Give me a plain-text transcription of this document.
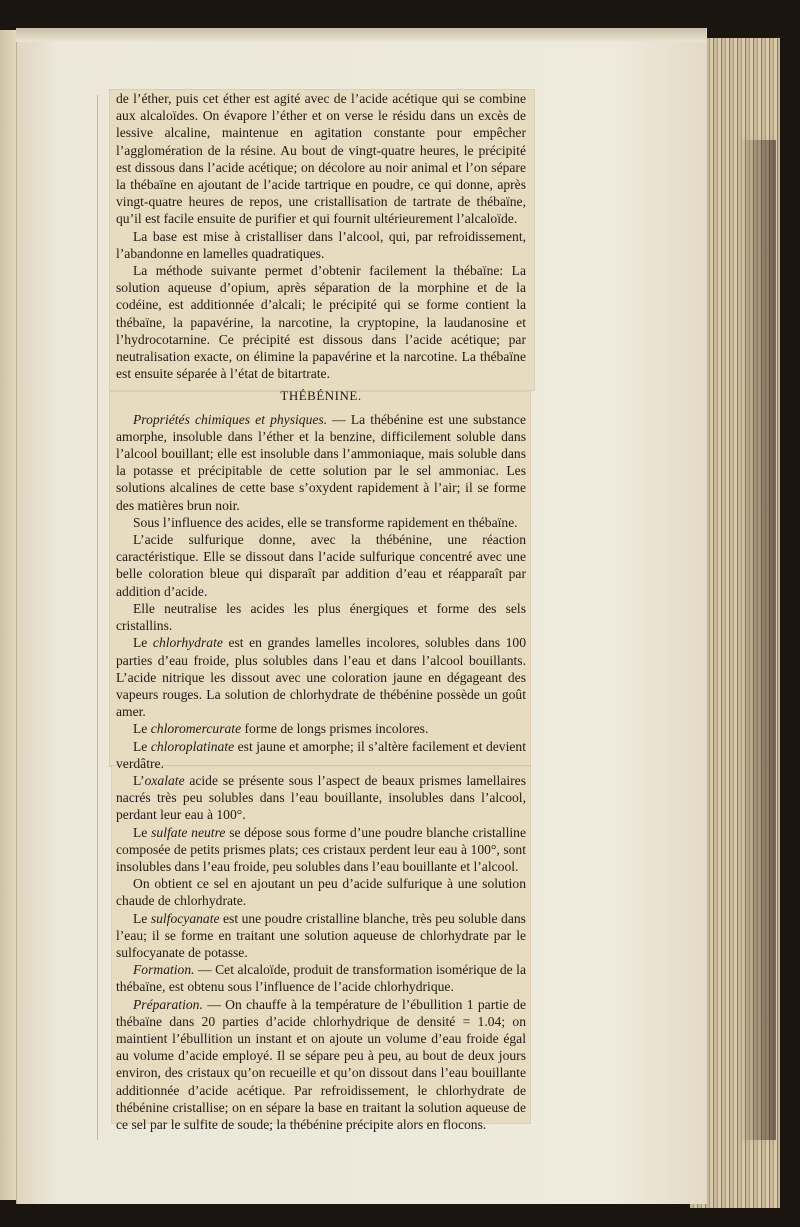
de l’éther, puis cet éther est agité avec de l’acide acétique qui se combine aux alcaloïdes. On évapore l’éther et on verse le résidu dans un excès de lessive alcaline, maintenue en agitation constante pour empêcher l’agglomération de la résine. Au bout de vingt-quatre heures, le précipité est dissous dans l’acide acétique; on décolore au noir animal et l’on sépare la thébaïne en ajoutant de l’acide tartrique en poudre, ce qui donne, après vingt-quatre heures de repos, une cristallisation de tartrate de thébaïne, qu’il est facile ensuite de purifier et qui fournit ultérieurement l’alcaloïde.

La base est mise à cristalliser dans l’alcool, qui, par refroidissement, l’abandonne en lamelles quadratiques.

La méthode suivante permet d’obtenir facilement la thébaïne: La solution aqueuse d’opium, après séparation de la morphine et de la codéine, est additionnée d’alcali; le précipité qui se forme contient la thébaïne, la papavérine, la narcotine, la cryptopine, la laudanosine et l’hydrocotarnine. Ce précipité est dissous dans l’acide acétique; par neutralisation exacte, on élimine la papavérine et la narcotine. La thébaïne est ensuite séparée à l’état de bitartrate.

THÉBÉNINE.

Propriétés chimiques et physiques. — La thébénine est une substance amorphe, insoluble dans l’éther et la benzine, difficilement soluble dans l’alcool bouillant; elle est insoluble dans l’ammoniaque, mais soluble dans la potasse et précipitable de cette solution par le sel ammoniac. Les solutions alcalines de cette base s’oxydent rapidement à l’air; il se forme des matières brun noir.

Sous l’influence des acides, elle se transforme rapidement en thébaïne.

L’acide sulfurique donne, avec la thébénine, une réaction caractéristique. Elle se dissout dans l’acide sulfurique concentré avec une belle coloration bleue qui disparaît par addition d’eau et réapparaît par addition d’acide.

Elle neutralise les acides les plus énergiques et forme des sels cristallins.

Le chlorhydrate est en grandes lamelles incolores, solubles dans 100 parties d’eau froide, plus solubles dans l’eau et dans l’alcool bouillants. L’acide nitrique les dissout avec une coloration jaune en dégageant des vapeurs rouges. La solution de chlorhydrate de thébénine possède un goût amer.

Le chloromercurate forme de longs prismes incolores.

Le chloroplatinate est jaune et amorphe; il s’altère facilement et devient verdâtre.

L’oxalate acide se présente sous l’aspect de beaux prismes lamellaires nacrés très peu solubles dans l’eau bouillante, insolubles dans l’alcool, perdant leur eau à 100°.

Le sulfate neutre se dépose sous forme d’une poudre blanche cristalline composée de petits prismes plats; ces cristaux perdent leur eau à 100°, sont insolubles dans l’eau froide, peu solubles dans l’eau bouillante et l’alcool.

On obtient ce sel en ajoutant un peu d’acide sulfurique à une solution chaude de chlorhydrate.

Le sulfocyanate est une poudre cristalline blanche, très peu soluble dans l’eau; il se forme en traitant une solution aqueuse de chlorhydrate par le sulfocyanate de potasse.

Formation. — Cet alcaloïde, produit de transformation isomérique de la thébaïne, est obtenu sous l’influence de l’acide chlorhydrique.

Préparation. — On chauffe à la température de l’ébullition 1 partie de thébaïne dans 20 parties d’acide chlorhydrique de densité = 1.04; on maintient l’ébullition un instant et on ajoute un volume d’eau froide égal au volume d’acide employé. Il se sépare peu à peu, au bout de deux jours environ, des cristaux qu’on recueille et qu’on dissout dans l’eau bouillante additionnée d’acide acétique. Par refroidissement, le chlorhydrate de thébénine cristallise; on en sépare la base en traitant la solution aqueuse de ce sel par le sulfite de soude; la thébénine précipite alors en flocons.
